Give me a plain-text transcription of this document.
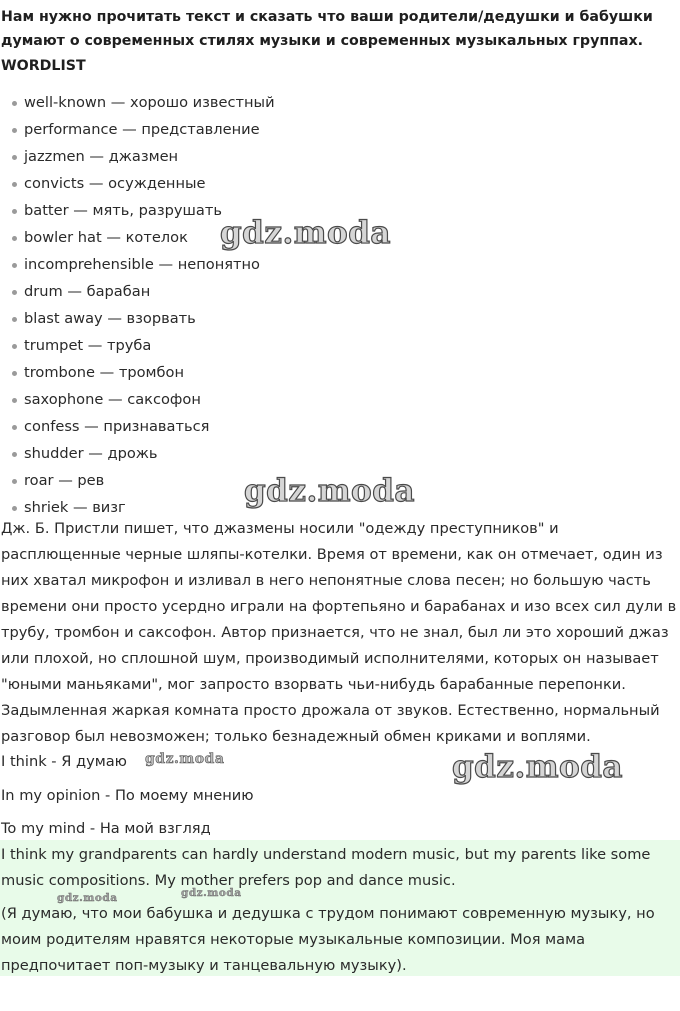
Нам нужно прочитать текст и сказать что ваши родители/дедушки и бабушки думают о современных стилях музыки и современных музыкальных группах.

WORDLIST

well-known — хорошо известный
performance — представление
jazzmen — джазмен
convicts — осужденные
batter — мять, разрушать
bowler hat — котелок
incomprehensible — непонятно
drum — барабан
blast away — взорвать
trumpet — труба
trombone — тромбон
saxophone — саксофон
confess — признаваться
shudder — дрожь
roar — рев
shriek — визг

Дж. Б. Пристли пишет, что джазмены носили "одежду преступников" и расплющенные черные шляпы-котелки. Время от времени, как он отмечает, один из них хватал микрофон и изливал в него непонятные слова песен; но большую часть времени они просто усердно играли на фортепьяно и барабанах и изо всех сил дули в трубу, тромбон и саксофон. Автор признается, что не знал, был ли это хороший джаз или плохой, но сплошной шум, производимый исполнителями, которых он называет "юными маньяками", мог запросто взорвать чьи-нибудь барабанные перепонки. Задымленная жаркая комната просто дрожала от звуков. Естественно, нормальный разговор был невозможен; только безнадежный обмен криками и воплями.

I think - Я думаю

In my opinion - По моему мнению

To my mind - На мой взгляд

I think my grandparents can hardly understand modern music, but my parents like some music compositions. My mother prefers pop and dance music.

(Я думаю, что мои бабушка и дедушка с трудом понимают современную музыку, но моим родителям нравятся некоторые музыкальные композиции. Моя мама предпочитает поп-музыку и танцевальную музыку).

gdz.moda
gdz.moda
gdz.moda
gdz.moda
gdz.moda	gdz.moda
